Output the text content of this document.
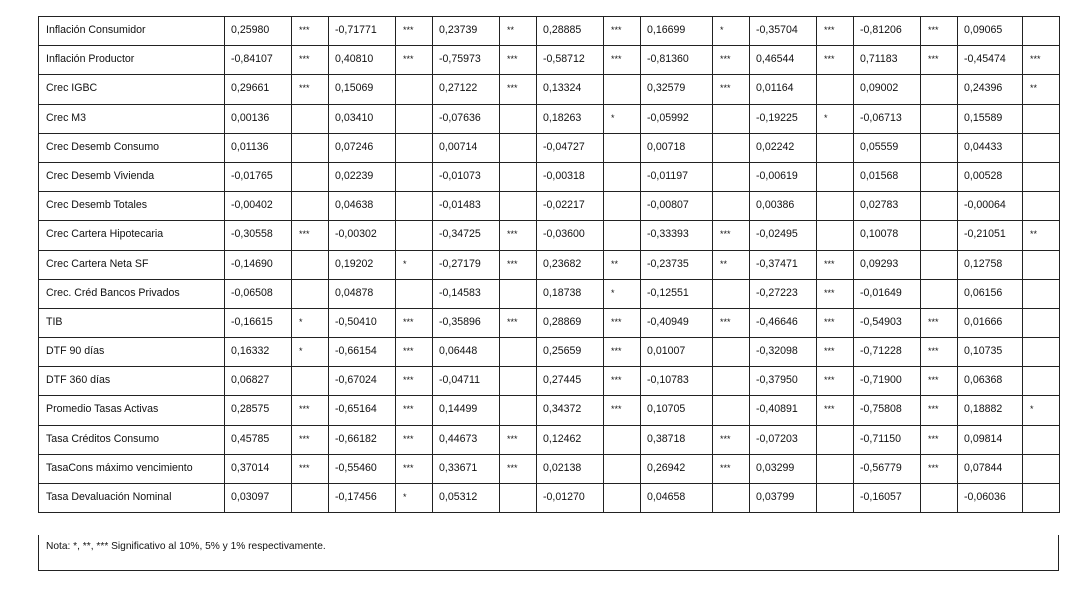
Inflación Consumidor	0,25980	***	-0,71771	***	0,23739	**	0,28885	***	0,16699	*	-0,35704	***	-0,81206	***	0,09065	
Inflación Productor	-0,84107	***	0,40810	***	-0,75973	***	-0,58712	***	-0,81360	***	0,46544	***	0,71183	***	-0,45474	***
Crec IGBC	0,29661	***	0,15069		0,27122	***	0,13324		0,32579	***	0,01164		0,09002		0,24396	**
Crec M3	0,00136		0,03410		-0,07636		0,18263	*	-0,05992		-0,19225	*	-0,06713		0,15589	
Crec Desemb Consumo	0,01136		0,07246		0,00714		-0,04727		0,00718		0,02242		0,05559		0,04433	
Crec Desemb Vivienda	-0,01765		0,02239		-0,01073		-0,00318		-0,01197		-0,00619		0,01568		0,00528	
Crec Desemb Totales	-0,00402		0,04638		-0,01483		-0,02217		-0,00807		0,00386		0,02783		-0,00064	
Crec Cartera Hipotecaria	-0,30558	***	-0,00302		-0,34725	***	-0,03600		-0,33393	***	-0,02495		0,10078		-0,21051	**
Crec Cartera Neta SF	-0,14690		0,19202	*	-0,27179	***	0,23682	**	-0,23735	**	-0,37471	***	0,09293		0,12758	
Crec. Créd Bancos Privados	-0,06508		0,04878		-0,14583		0,18738	*	-0,12551		-0,27223	***	-0,01649		0,06156	
TIB	-0,16615	*	-0,50410	***	-0,35896	***	0,28869	***	-0,40949	***	-0,46646	***	-0,54903	***	0,01666	
DTF 90 días	0,16332	*	-0,66154	***	0,06448		0,25659	***	0,01007		-0,32098	***	-0,71228	***	0,10735	
DTF 360 días	0,06827		-0,67024	***	-0,04711		0,27445	***	-0,10783		-0,37950	***	-0,71900	***	0,06368	
Promedio Tasas Activas	0,28575	***	-0,65164	***	0,14499		0,34372	***	0,10705		-0,40891	***	-0,75808	***	0,18882	*
Tasa Créditos Consumo	0,45785	***	-0,66182	***	0,44673	***	0,12462		0,38718	***	-0,07203		-0,71150	***	0,09814	
TasaCons máximo vencimiento	0,37014	***	-0,55460	***	0,33671	***	0,02138		0,26942	***	0,03299		-0,56779	***	0,07844	
Tasa Devaluación Nominal	0,03097		-0,17456	*	0,05312		-0,01270		0,04658		0,03799		-0,16057		-0,06036	
Nota: *, **, *** Significativo al 10%, 5% y 1% respectivamente.
